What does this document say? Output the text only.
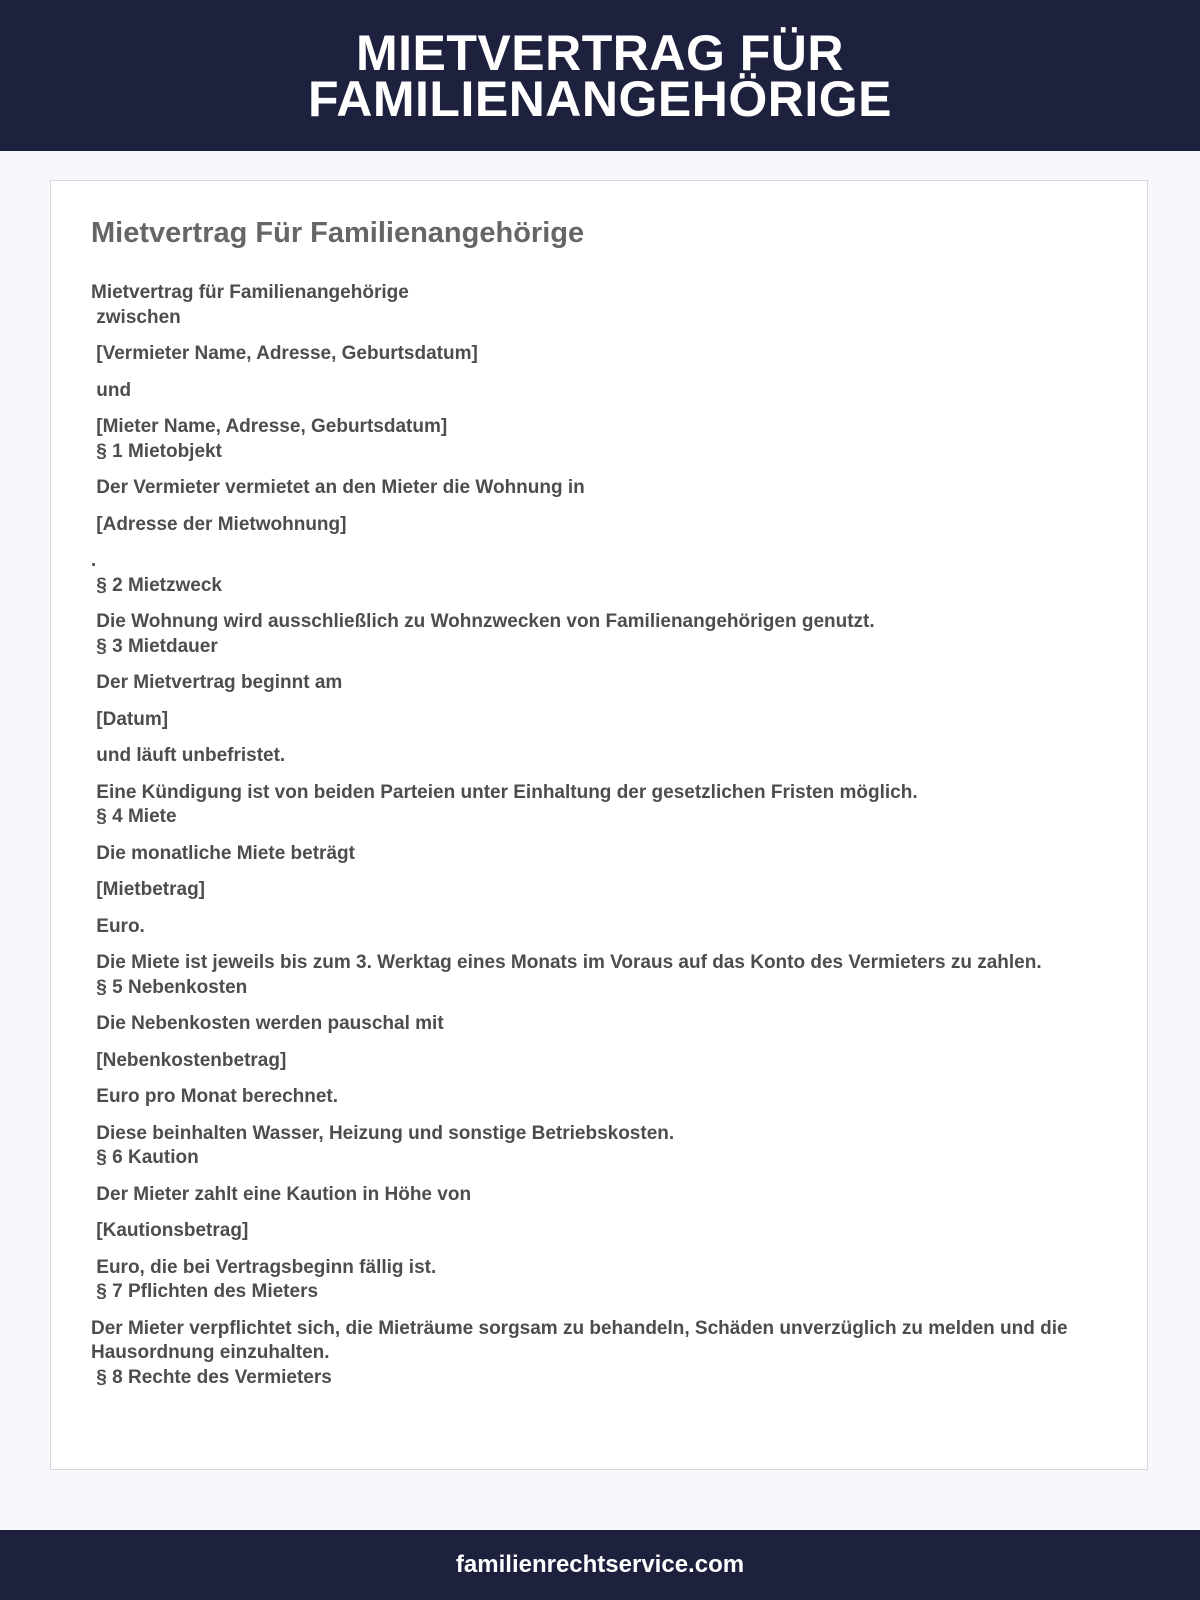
MIETVERTRAG FÜR
FAMILIENANGEHÖRIGE
Mietvertrag Für Familienangehörige
Mietvertrag für Familienangehörige
zwischen
[Vermieter Name, Adresse, Geburtsdatum]
und
[Mieter Name, Adresse, Geburtsdatum]
§ 1 Mietobjekt
Der Vermieter vermietet an den Mieter die Wohnung in
[Adresse der Mietwohnung]
.
§ 2 Mietzweck
Die Wohnung wird ausschließlich zu Wohnzwecken von Familienangehörigen genutzt.
§ 3 Mietdauer
Der Mietvertrag beginnt am
[Datum]
und läuft unbefristet.
Eine Kündigung ist von beiden Parteien unter Einhaltung der gesetzlichen Fristen möglich.
§ 4 Miete
Die monatliche Miete beträgt
[Mietbetrag]
Euro.
Die Miete ist jeweils bis zum 3. Werktag eines Monats im Voraus auf das Konto des Vermieters zu zahlen.
§ 5 Nebenkosten
Die Nebenkosten werden pauschal mit
[Nebenkostenbetrag]
Euro pro Monat berechnet.
Diese beinhalten Wasser, Heizung und sonstige Betriebskosten.
§ 6 Kaution
Der Mieter zahlt eine Kaution in Höhe von
[Kautionsbetrag]
Euro, die bei Vertragsbeginn fällig ist.
§ 7 Pflichten des Mieters
Der Mieter verpflichtet sich, die Mieträume sorgsam zu behandeln, Schäden unverzüglich zu melden und die Hausordnung einzuhalten.
§ 8 Rechte des Vermieters
familienrechtservice.com
